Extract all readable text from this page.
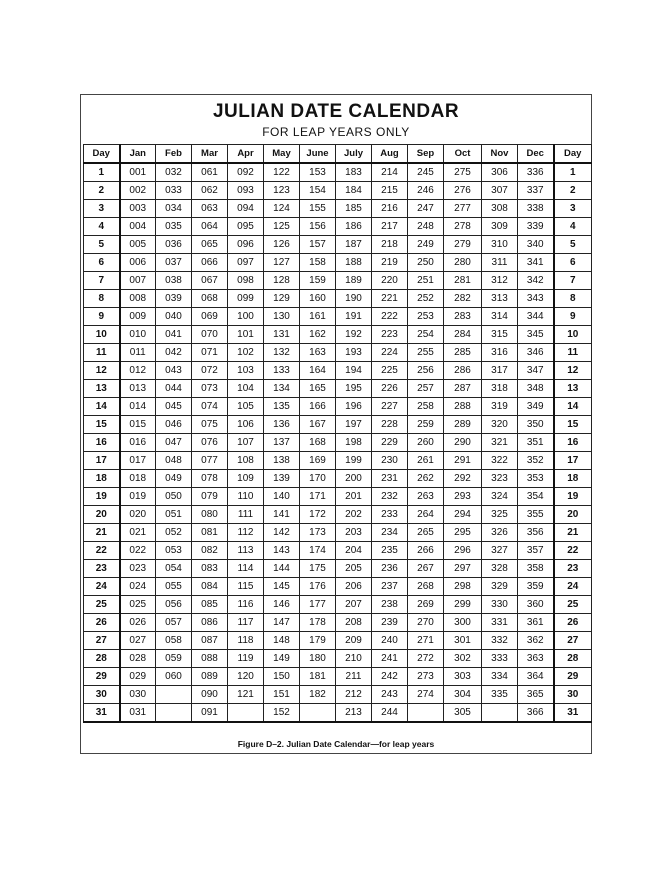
JULIAN DATE CALENDAR
FOR LEAP YEARS ONLY
Day	Jan	Feb	Mar	Apr	May	June	July	Aug	Sep	Oct	Nov	Dec	Day
1	001	032	061	092	122	153	183	214	245	275	306	336	1
2	002	033	062	093	123	154	184	215	246	276	307	337	2
3	003	034	063	094	124	155	185	216	247	277	308	338	3
4	004	035	064	095	125	156	186	217	248	278	309	339	4
5	005	036	065	096	126	157	187	218	249	279	310	340	5
6	006	037	066	097	127	158	188	219	250	280	311	341	6
7	007	038	067	098	128	159	189	220	251	281	312	342	7
8	008	039	068	099	129	160	190	221	252	282	313	343	8
9	009	040	069	100	130	161	191	222	253	283	314	344	9
10	010	041	070	101	131	162	192	223	254	284	315	345	10
11	011	042	071	102	132	163	193	224	255	285	316	346	11
12	012	043	072	103	133	164	194	225	256	286	317	347	12
13	013	044	073	104	134	165	195	226	257	287	318	348	13
14	014	045	074	105	135	166	196	227	258	288	319	349	14
15	015	046	075	106	136	167	197	228	259	289	320	350	15
16	016	047	076	107	137	168	198	229	260	290	321	351	16
17	017	048	077	108	138	169	199	230	261	291	322	352	17
18	018	049	078	109	139	170	200	231	262	292	323	353	18
19	019	050	079	110	140	171	201	232	263	293	324	354	19
20	020	051	080	111	141	172	202	233	264	294	325	355	20
21	021	052	081	112	142	173	203	234	265	295	326	356	21
22	022	053	082	113	143	174	204	235	266	296	327	357	22
23	023	054	083	114	144	175	205	236	267	297	328	358	23
24	024	055	084	115	145	176	206	237	268	298	329	359	24
25	025	056	085	116	146	177	207	238	269	299	330	360	25
26	026	057	086	117	147	178	208	239	270	300	331	361	26
27	027	058	087	118	148	179	209	240	271	301	332	362	27
28	028	059	088	119	149	180	210	241	272	302	333	363	28
29	029	060	089	120	150	181	211	242	273	303	334	364	29
30	030		090	121	151	182	212	243	274	304	335	365	30
31	031		091		152		213	244		305		366	31
Figure D–2. Julian Date Calendar—for leap years
